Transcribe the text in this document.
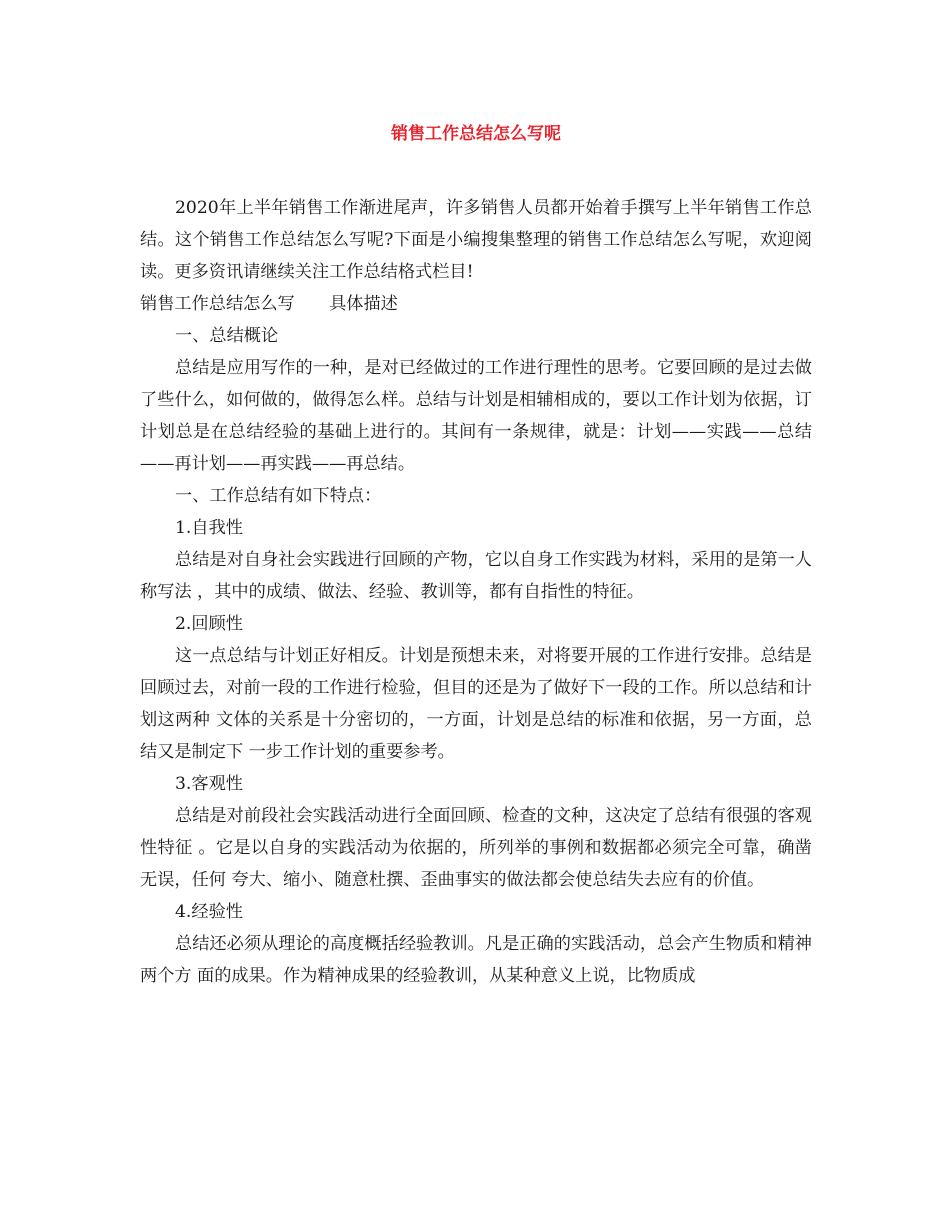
销售工作总结怎么写呢

2020年上半年销售工作渐进尾声，许多销售人员都开始着手撰写上半年销售工作总结。这个销售工作总结怎么写呢?下面是小编搜集整理的销售工作总结怎么写呢，欢迎阅读。更多资讯请继续关注工作总结格式栏目!

销售工作总结怎么写　　具体描述

一、总结概论

总结是应用写作的一种，是对已经做过的工作进行理性的思考。它要回顾的是过去做了些什么，如何做的，做得怎么样。总结与计划是相辅相成的，要以工作计划为依据，订计划总是在总结经验的基础上进行的。其间有一条规律，就是：计划——实践——总结——再计划——再实践——再总结。

一、工作总结有如下特点：

1.自我性

总结是对自身社会实践进行回顾的产物，它以自身工作实践为材料，采用的是第一人称写法 ，其中的成绩、做法、经验、教训等，都有自指性的特征。

2.回顾性

这一点总结与计划正好相反。计划是预想未来，对将要开展的工作进行安排。总结是回顾过去，对前一段的工作进行检验，但目的还是为了做好下一段的工作。所以总结和计划这两种 文体的关系是十分密切的，一方面，计划是总结的标准和依据，另一方面，总结又是制定下 一步工作计划的重要参考。

3.客观性

总结是对前段社会实践活动进行全面回顾、检查的文种，这决定了总结有很强的客观性特征 。它是以自身的实践活动为依据的，所列举的事例和数据都必须完全可靠，确凿无误，任何 夸大、缩小、随意杜撰、歪曲事实的做法都会使总结失去应有的价值。

4.经验性

总结还必须从理论的高度概括经验教训。凡是正确的实践活动，总会产生物质和精神两个方 面的成果。作为精神成果的经验教训，从某种意义上说，比物质成
